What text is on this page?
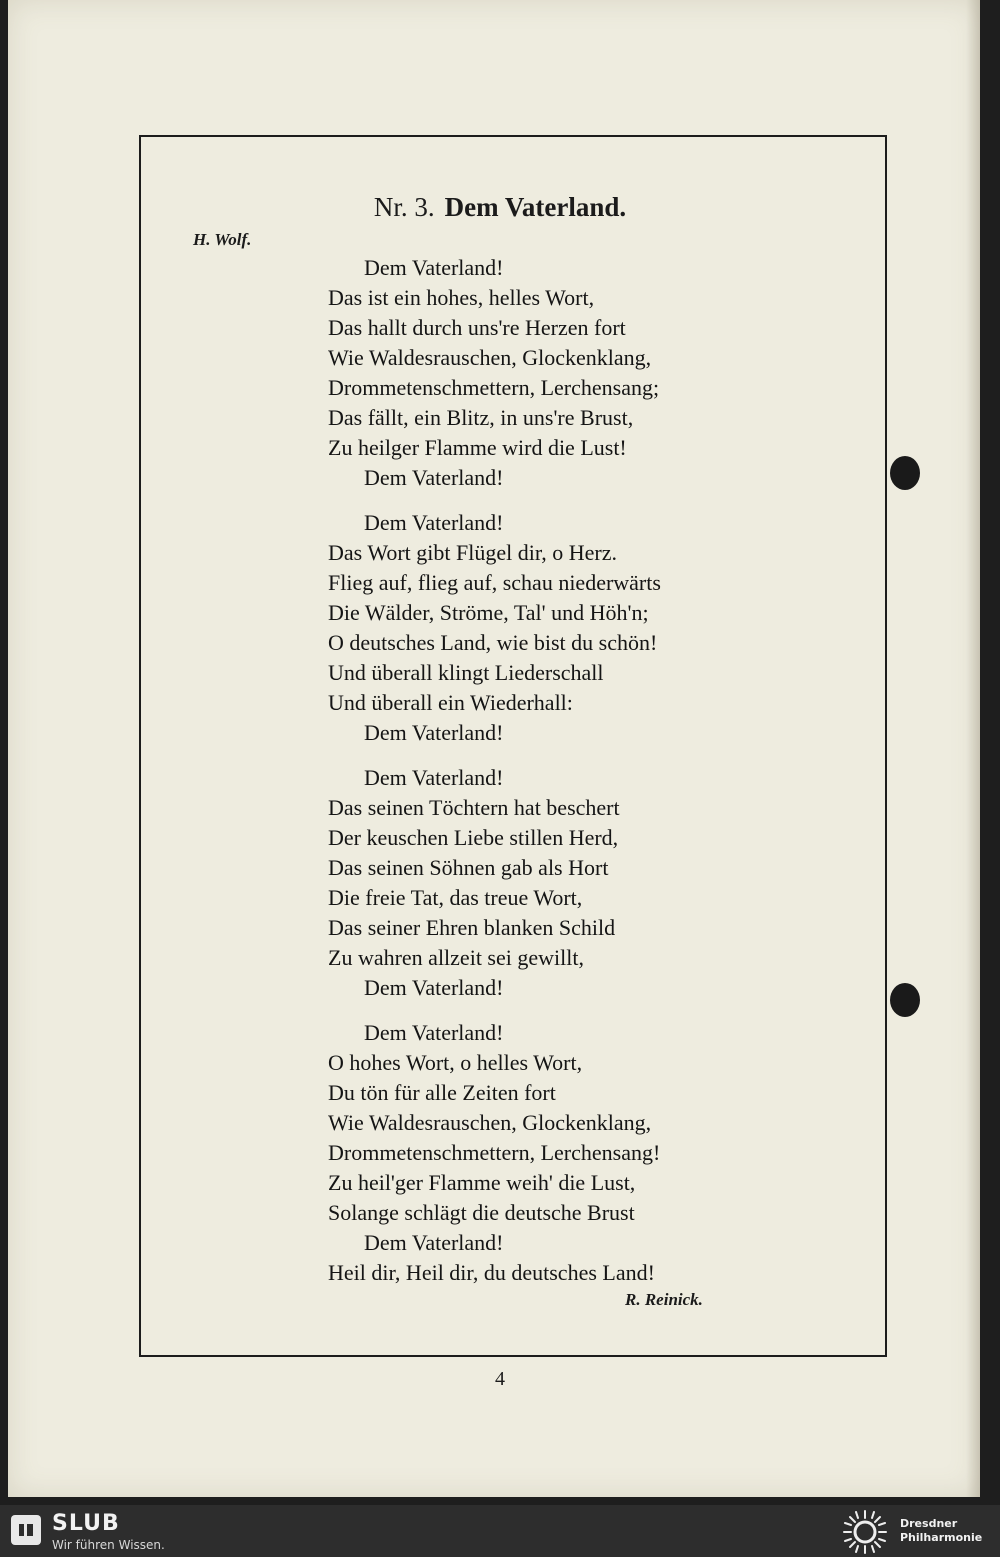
Nr. 3. Dem Vaterland.
H. Wolf.
Dem Vaterland!
Das ist ein hohes, helles Wort,
Das hallt durch uns're Herzen fort
Wie Waldesrauschen, Glockenklang,
Drommetenschmettern, Lerchensang;
Das fällt, ein Blitz, in uns're Brust,
Zu heilger Flamme wird die Lust!
Dem Vaterland!
Dem Vaterland!
Das Wort gibt Flügel dir, o Herz.
Flieg auf, flieg auf, schau niederwärts
Die Wälder, Ströme, Tal' und Höh'n;
O deutsches Land, wie bist du schön!
Und überall klingt Liederschall
Und überall ein Wiederhall:
Dem Vaterland!
Dem Vaterland!
Das seinen Töchtern hat beschert
Der keuschen Liebe stillen Herd,
Das seinen Söhnen gab als Hort
Die freie Tat, das treue Wort,
Das seiner Ehren blanken Schild
Zu wahren allzeit sei gewillt,
Dem Vaterland!
Dem Vaterland!
O hohes Wort, o helles Wort,
Du tön für alle Zeiten fort
Wie Waldesrauschen, Glockenklang,
Drommetenschmettern, Lerchensang!
Zu heil'ger Flamme weih' die Lust,
Solange schlägt die deutsche Brust
Dem Vaterland!
Heil dir, Heil dir, du deutsches Land!
R. Reinick.
4
SLUB
Wir führen Wissen.
Dresdner
Philharmonie
